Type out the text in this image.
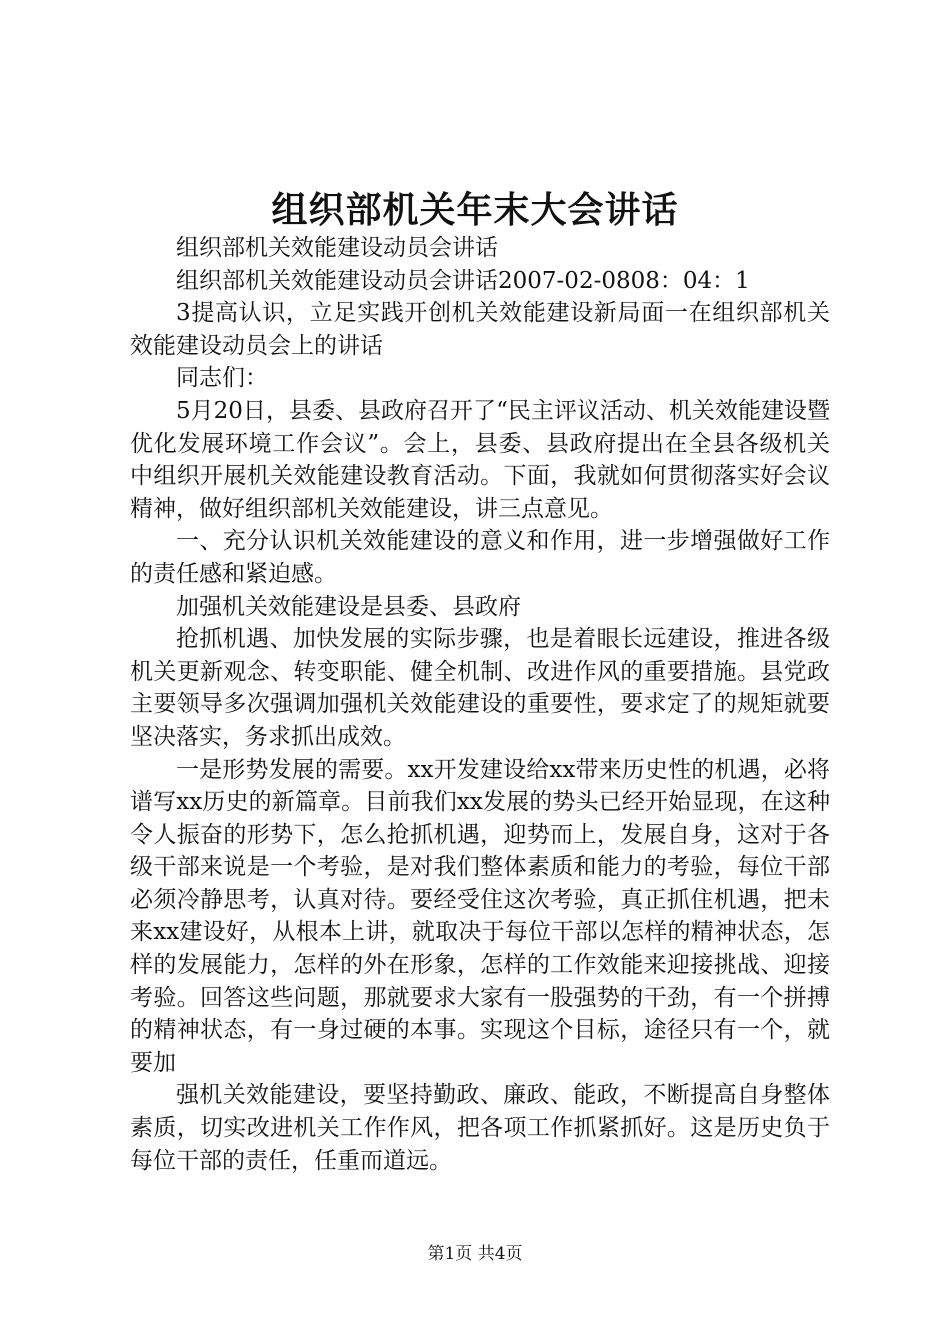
组织部机关年末大会讲话

组织部机关效能建设动员会讲话

组织部机关效能建设动员会讲话2007-02-0808：04：1

3提高认识，立足实践开创机关效能建设新局面一在组织部机关效能建设动员会上的讲话

同志们：

5月20日，县委、县政府召开了“民主评议活动、机关效能建设暨优化发展环境工作会议”。会上，县委、县政府提出在全县各级机关中组织开展机关效能建设教育活动。下面，我就如何贯彻落实好会议精神，做好组织部机关效能建设，讲三点意见。

一、充分认识机关效能建设的意义和作用，进一步增强做好工作的责任感和紧迫感。

加强机关效能建设是县委、县政府

抢抓机遇、加快发展的实际步骤，也是着眼长远建设，推进各级机关更新观念、转变职能、健全机制、改进作风的重要措施。县党政主要领导多次强调加强机关效能建设的重要性，要求定了的规矩就要坚决落实，务求抓出成效。

一是形势发展的需要。xx开发建设给xx带来历史性的机遇，必将谱写xx历史的新篇章。目前我们xx发展的势头已经开始显现，在这种令人振奋的形势下，怎么抢抓机遇，迎势而上，发展自身，这对于各级干部来说是一个考验，是对我们整体素质和能力的考验，每位干部必须冷静思考，认真对待。要经受住这次考验，真正抓住机遇，把未来xx建设好，从根本上讲，就取决于每位干部以怎样的精神状态，怎样的发展能力，怎样的外在形象，怎样的工作效能来迎接挑战、迎接考验。回答这些问题，那就要求大家有一股强势的干劲，有一个拼搏的精神状态，有一身过硬的本事。实现这个目标，途径只有一个，就要加

强机关效能建设，要坚持勤政、廉政、能政，不断提高自身整体素质，切实改进机关工作作风，把各项工作抓紧抓好。这是历史负于每位干部的责任，任重而道远。

第1页 共4页
